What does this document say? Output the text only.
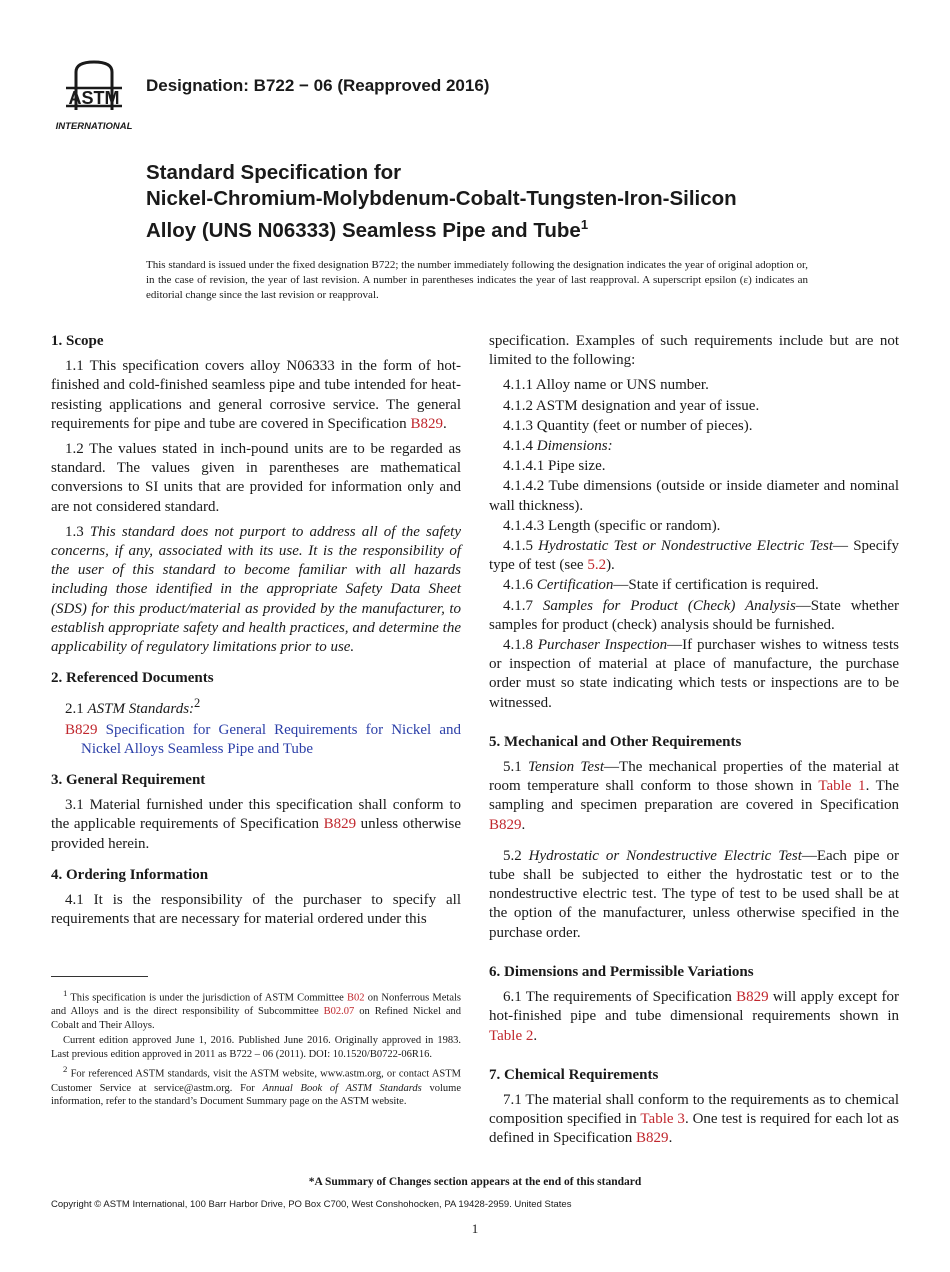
ASTM
INTERNATIONAL
Designation: B722 − 06 (Reapproved 2016)
Standard Specification for
Nickel-Chromium-Molybdenum-Cobalt-Tungsten-Iron-Silicon
Alloy (UNS N06333) Seamless Pipe and Tube$^1$
This standard is issued under the fixed designation B722; the number immediately following the designation indicates the year of original adoption or, in the case of revision, the year of last revision. A number in parentheses indicates the year of last reapproval. A superscript epsilon (ε) indicates an editorial change since the last revision or reapproval.
1. Scope

1.1 This specification covers alloy N06333 in the form of hot-finished and cold-finished seamless pipe and tube intended for heat-resisting applications and general corrosive service. The general requirements for pipe and tube are covered in Specification B829.

1.2 The values stated in inch-pound units are to be regarded as standard. The values given in parentheses are mathematical conversions to SI units that are provided for information only and are not considered standard.

1.3 This standard does not purport to address all of the safety concerns, if any, associated with its use. It is the responsibility of the user of this standard to become familiar with all hazards including those identified in the appropriate Safety Data Sheet (SDS) for this product/material as provided by the manufacturer, to establish appropriate safety and health practices, and determine the applicability of regulatory limitations prior to use.

2. Referenced Documents

2.1 ASTM Standards:$^2$

B829 Specification for General Requirements for Nickel and Nickel Alloys Seamless Pipe and Tube

3. General Requirement

3.1 Material furnished under this specification shall conform to the applicable requirements of Specification B829 unless otherwise provided herein.

4. Ordering Information

4.1 It is the responsibility of the purchaser to specify all requirements that are necessary for material ordered under this

specification. Examples of such requirements include but are not limited to the following:

4.1.1 Alloy name or UNS number.

4.1.2 ASTM designation and year of issue.

4.1.3 Quantity (feet or number of pieces).

4.1.4 Dimensions:

4.1.4.1 Pipe size.

4.1.4.2 Tube dimensions (outside or inside diameter and nominal wall thickness).

4.1.4.3 Length (specific or random).

4.1.5 Hydrostatic Test or Nondestructive Electric Test— Specify type of test (see 5.2).

4.1.6 Certification—State if certification is required.

4.1.7 Samples for Product (Check) Analysis—State whether samples for product (check) analysis should be furnished.

4.1.8 Purchaser Inspection—If purchaser wishes to witness tests or inspection of material at place of manufacture, the purchase order must so state indicating which tests or inspections are to be witnessed.

5. Mechanical and Other Requirements

5.1 Tension Test—The mechanical properties of the material at room temperature shall conform to those shown in Table 1. The sampling and specimen preparation are covered in Specification B829.

5.2 Hydrostatic or Nondestructive Electric Test—Each pipe or tube shall be subjected to either the hydrostatic test or to the nondestructive electric test. The type of test to be used shall be at the option of the manufacturer, unless otherwise specified in the purchase order.

6. Dimensions and Permissible Variations

6.1 The requirements of Specification B829 will apply except for hot-finished pipe and tube dimensional requirements shown in Table 2.

7. Chemical Requirements

7.1 The material shall conform to the requirements as to chemical composition specified in Table 3. One test is required for each lot as defined in Specification B829.

$^1$ This specification is under the jurisdiction of ASTM Committee B02 on Nonferrous Metals and Alloys and is the direct responsibility of Subcommittee B02.07 on Refined Nickel and Cobalt and Their Alloys.

Current edition approved June 1, 2016. Published June 2016. Originally approved in 1983. Last previous edition approved in 2011 as B722 – 06 (2011). DOI: 10.1520/B0722-06R16.

$^2$ For referenced ASTM standards, visit the ASTM website, www.astm.org, or contact ASTM Customer Service at service@astm.org. For Annual Book of ASTM Standards volume information, refer to the standard’s Document Summary page on the ASTM website.

*A Summary of Changes section appears at the end of this standard
Copyright © ASTM International, 100 Barr Harbor Drive, PO Box C700, West Conshohocken, PA 19428-2959. United States
1
